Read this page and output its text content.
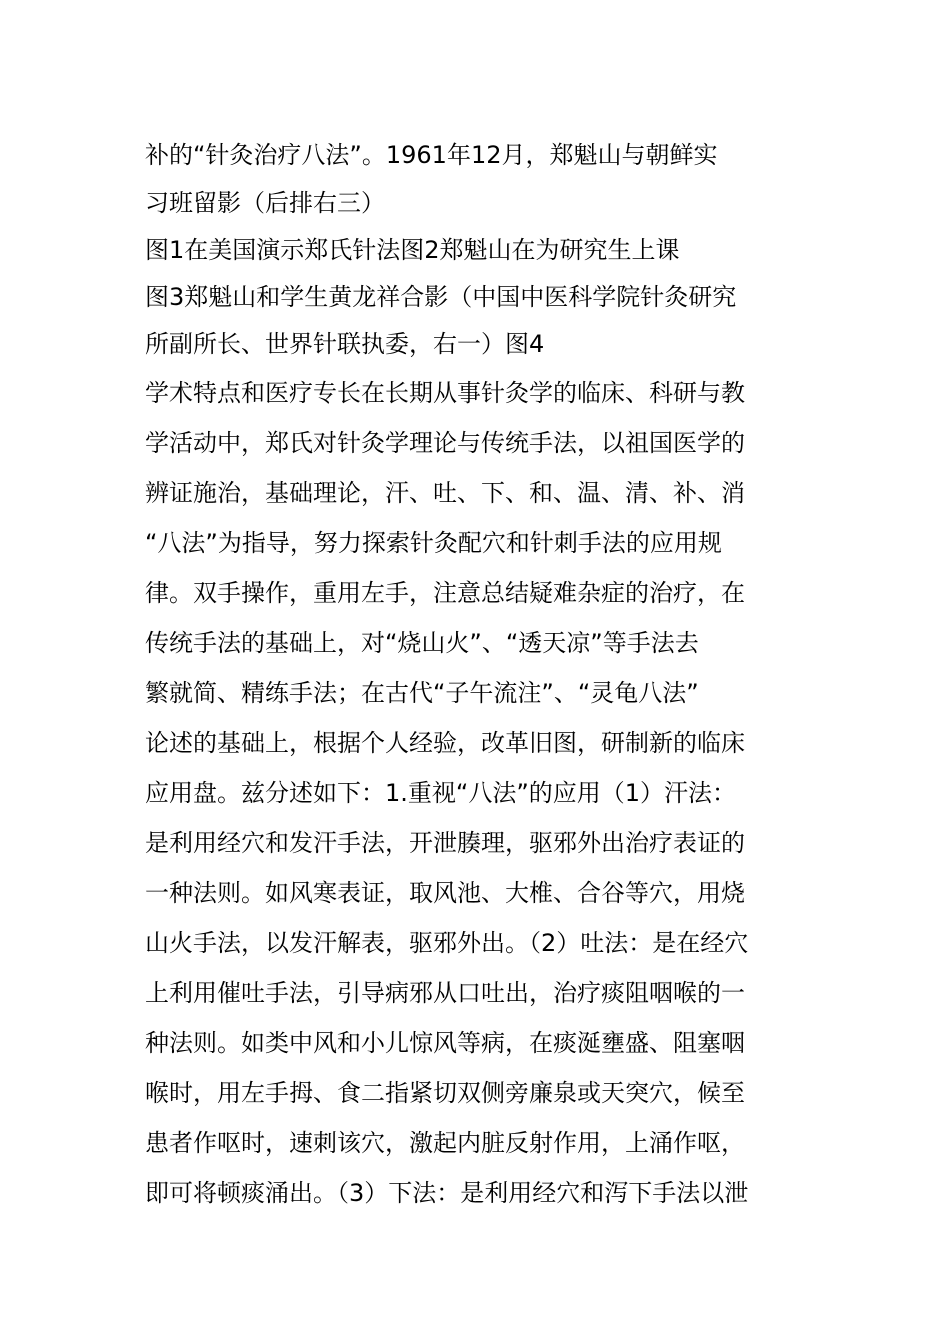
补的“针灸治疗八法”。1961年12月，郑魁山与朝鲜实
习班留影（后排右三）
图1在美国演示郑氏针法图2郑魁山在为研究生上课
图3郑魁山和学生黄龙祥合影（中国中医科学院针灸研究
所副所长、世界针联执委，右一）图4
学术特点和医疗专长在长期从事针灸学的临床、科研与教
学活动中，郑氏对针灸学理论与传统手法，以祖国医学的
辨证施治，基础理论，汗、吐、下、和、温、清、补、消
“八法”为指导，努力探索针灸配穴和针刺手法的应用规
律。双手操作，重用左手，注意总结疑难杂症的治疗，在
传统手法的基础上，对“烧山火”、“透天凉”等手法去
繁就简、精练手法；在古代“子午流注”、“灵龟八法”
论述的基础上，根据个人经验，改革旧图，研制新的临床
应用盘。兹分述如下：1.重视“八法”的应用（1）汗法：
是利用经穴和发汗手法，开泄腠理，驱邪外出治疗表证的
一种法则。如风寒表证，取风池、大椎、合谷等穴，用烧
山火手法，以发汗解表，驱邪外出。（2）吐法：是在经穴
上利用催吐手法，引导病邪从口吐出，治疗痰阻咽喉的一
种法则。如类中风和小儿惊风等病，在痰涎壅盛、阻塞咽
喉时，用左手拇、食二指紧切双侧旁廉泉或天突穴，候至
患者作呕时，速刺该穴，激起内脏反射作用，上涌作呕，
即可将顿痰涌出。（3）下法：是利用经穴和泻下手法以泄
